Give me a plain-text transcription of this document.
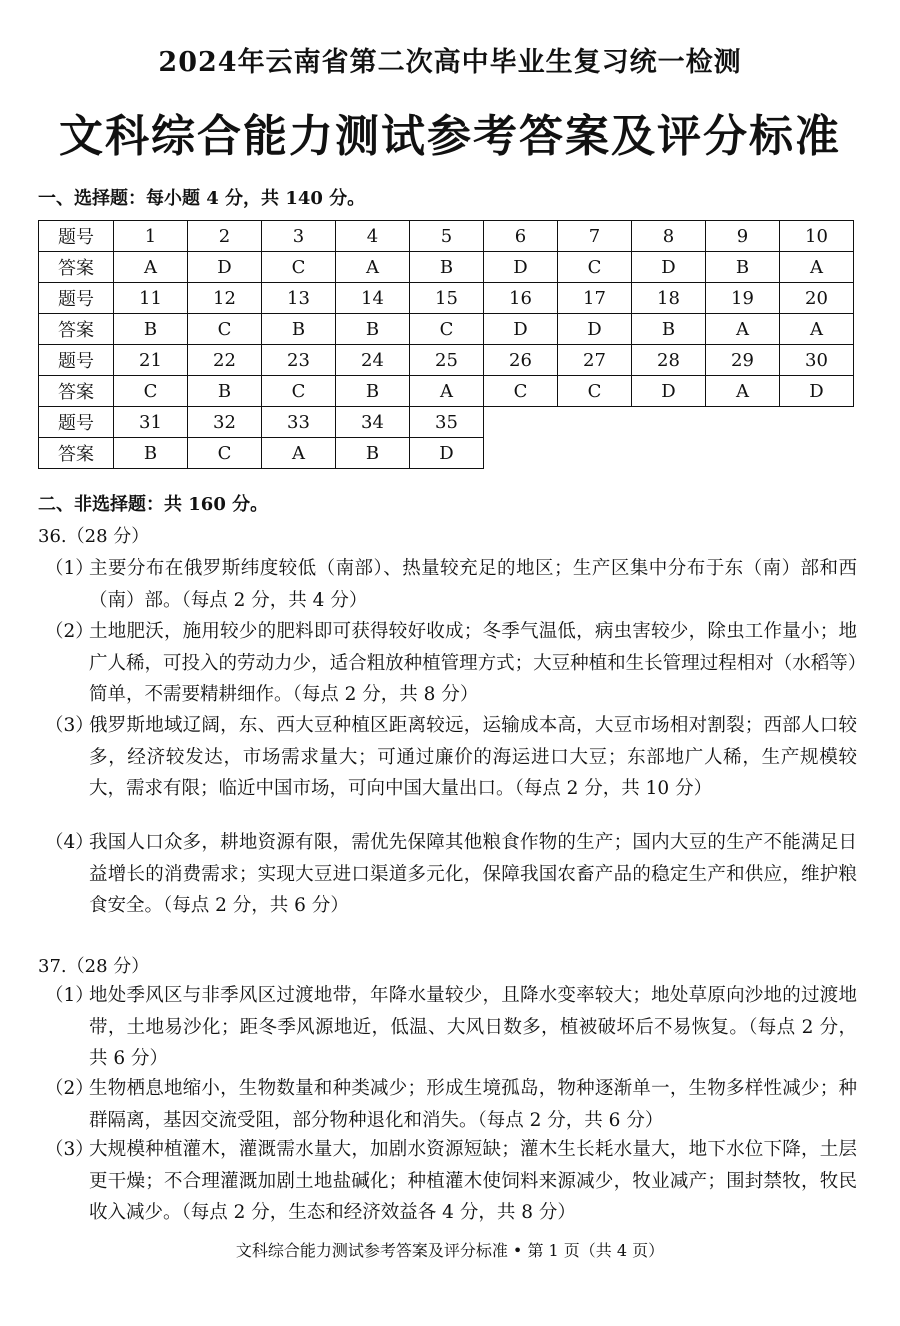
2024年云南省第二次高中毕业生复习统一检测
文科综合能力测试参考答案及评分标准
一、选择题：每小题 4 分，共 140 分。
题号	1	2	3	4	5	6	7	8	9	10
答案	A	D	C	A	B	D	C	D	B	A
题号	11	12	13	14	15	16	17	18	19	20
答案	B	C	B	B	C	D	D	B	A	A
题号	21	22	23	24	25	26	27	28	29	30
答案	C	B	C	B	A	C	C	D	A	D
题号	31	32	33	34	35					
答案	B	C	A	B	D					
二、非选择题：共 160 分。
36.（28 分）
（1）
主要分布在俄罗斯纬度较低（南部）、热量较充足的地区；生产区集中分布于东（南）部和西（南）部。（每点 2 分，共 4 分）
（2）
土地肥沃，施用较少的肥料即可获得较好收成；冬季气温低，病虫害较少，除虫工作量小；地广人稀，可投入的劳动力少，适合粗放种植管理方式；大豆种植和生长管理过程相对（水稻等）简单，不需要精耕细作。（每点 2 分，共 8 分）
（3）
俄罗斯地域辽阔，东、西大豆种植区距离较远，运输成本高，大豆市场相对割裂；西部人口较多，经济较发达，市场需求量大；可通过廉价的海运进口大豆；东部地广人稀，生产规模较大，需求有限；临近中国市场，可向中国大量出口。（每点 2 分，共 10 分）
（4）
我国人口众多，耕地资源有限，需优先保障其他粮食作物的生产；国内大豆的生产不能满足日益增长的消费需求；实现大豆进口渠道多元化，保障我国农畜产品的稳定生产和供应，维护粮食安全。（每点 2 分，共 6 分）
37.（28 分）
（1）
地处季风区与非季风区过渡地带，年降水量较少，且降水变率较大；地处草原向沙地的过渡地带，土地易沙化；距冬季风源地近，低温、大风日数多，植被破坏后不易恢复。（每点 2 分，共 6 分）
（2）
生物栖息地缩小，生物数量和种类减少；形成生境孤岛，物种逐渐单一，生物多样性减少；种群隔离，基因交流受阻，部分物种退化和消失。（每点 2 分，共 6 分）
（3）
大规模种植灌木，灌溉需水量大，加剧水资源短缺；灌木生长耗水量大，地下水位下降，土层更干燥；不合理灌溉加剧土地盐碱化；种植灌木使饲料来源减少，牧业减产；围封禁牧，牧民收入减少。（每点 2 分，生态和经济效益各 4 分，共 8 分）
文科综合能力测试参考答案及评分标准 • 第 1 页（共 4 页）
